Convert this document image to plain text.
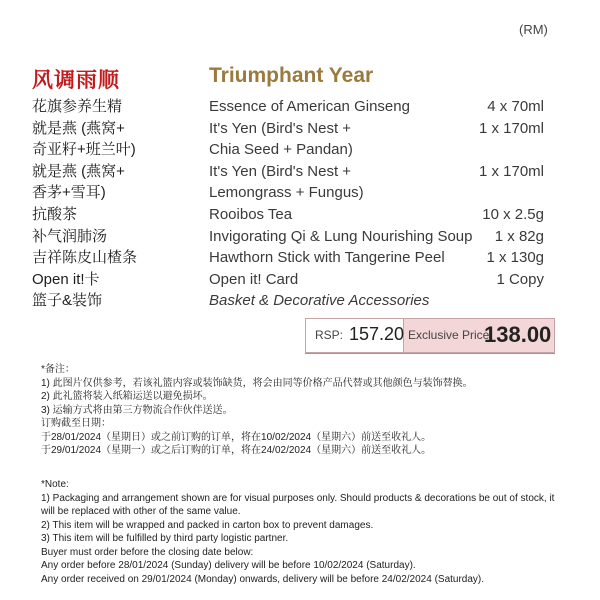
(RM)
风调雨顺	Triumphant Year
花旗参养生精	Essence of American Ginseng	4 x 70ml
就是燕 (燕窝+	It's Yen (Bird's Nest +	1 x 170ml
奇亚籽+班兰叶)	Chia Seed + Pandan)
就是燕 (燕窝+	It's Yen (Bird's Nest +	1 x 170ml
香茅+雪耳)	Lemongrass + Fungus)
抗酸茶	Rooibos Tea	10 x 2.5g
补气润肺汤	Invigorating Qi & Lung Nourishing Soup 1 x 82g
吉祥陈皮山楂条	Hawthorn Stick with Tangerine Peel	1 x 130g
Open it!卡	Open it! Card	1 Copy
篮子&装饰	Basket & Decorative Accessories
RSP: 157.20 Exclusive Price:
138.00

*备注：

1) 此图片仅供参考，若该礼篮内容或装饰缺货，将会由同等价格产品代替或其他颜色与装饰替换。

2) 此礼篮将装入纸箱运送以避免损坏。

3) 运输方式将由第三方物流合作伙伴送送。

订购截至日期：

于28/01/2024（星期日）或之前订购的订单，将在10/02/2024（星期六）前送至收礼人。

于29/01/2024（星期一）或之后订购的订单，将在24/02/2024（星期六）前送至收礼人。

*Note:

1) Packaging and arrangement shown are for visual purposes only. Should products & decorations be out of stock, it

will be replaced with other of the same value.

2) This item will be wrapped and packed in carton box to prevent damages.

3) This item will be fulfilled by third party logistic partner.

Buyer must order before the closing date below:

Any order before 28/01/2024 (Sunday) delivery will be before 10/02/2024 (Saturday).

Any order received on 29/01/2024 (Monday) onwards, delivery will be before 24/02/2024 (Saturday).
